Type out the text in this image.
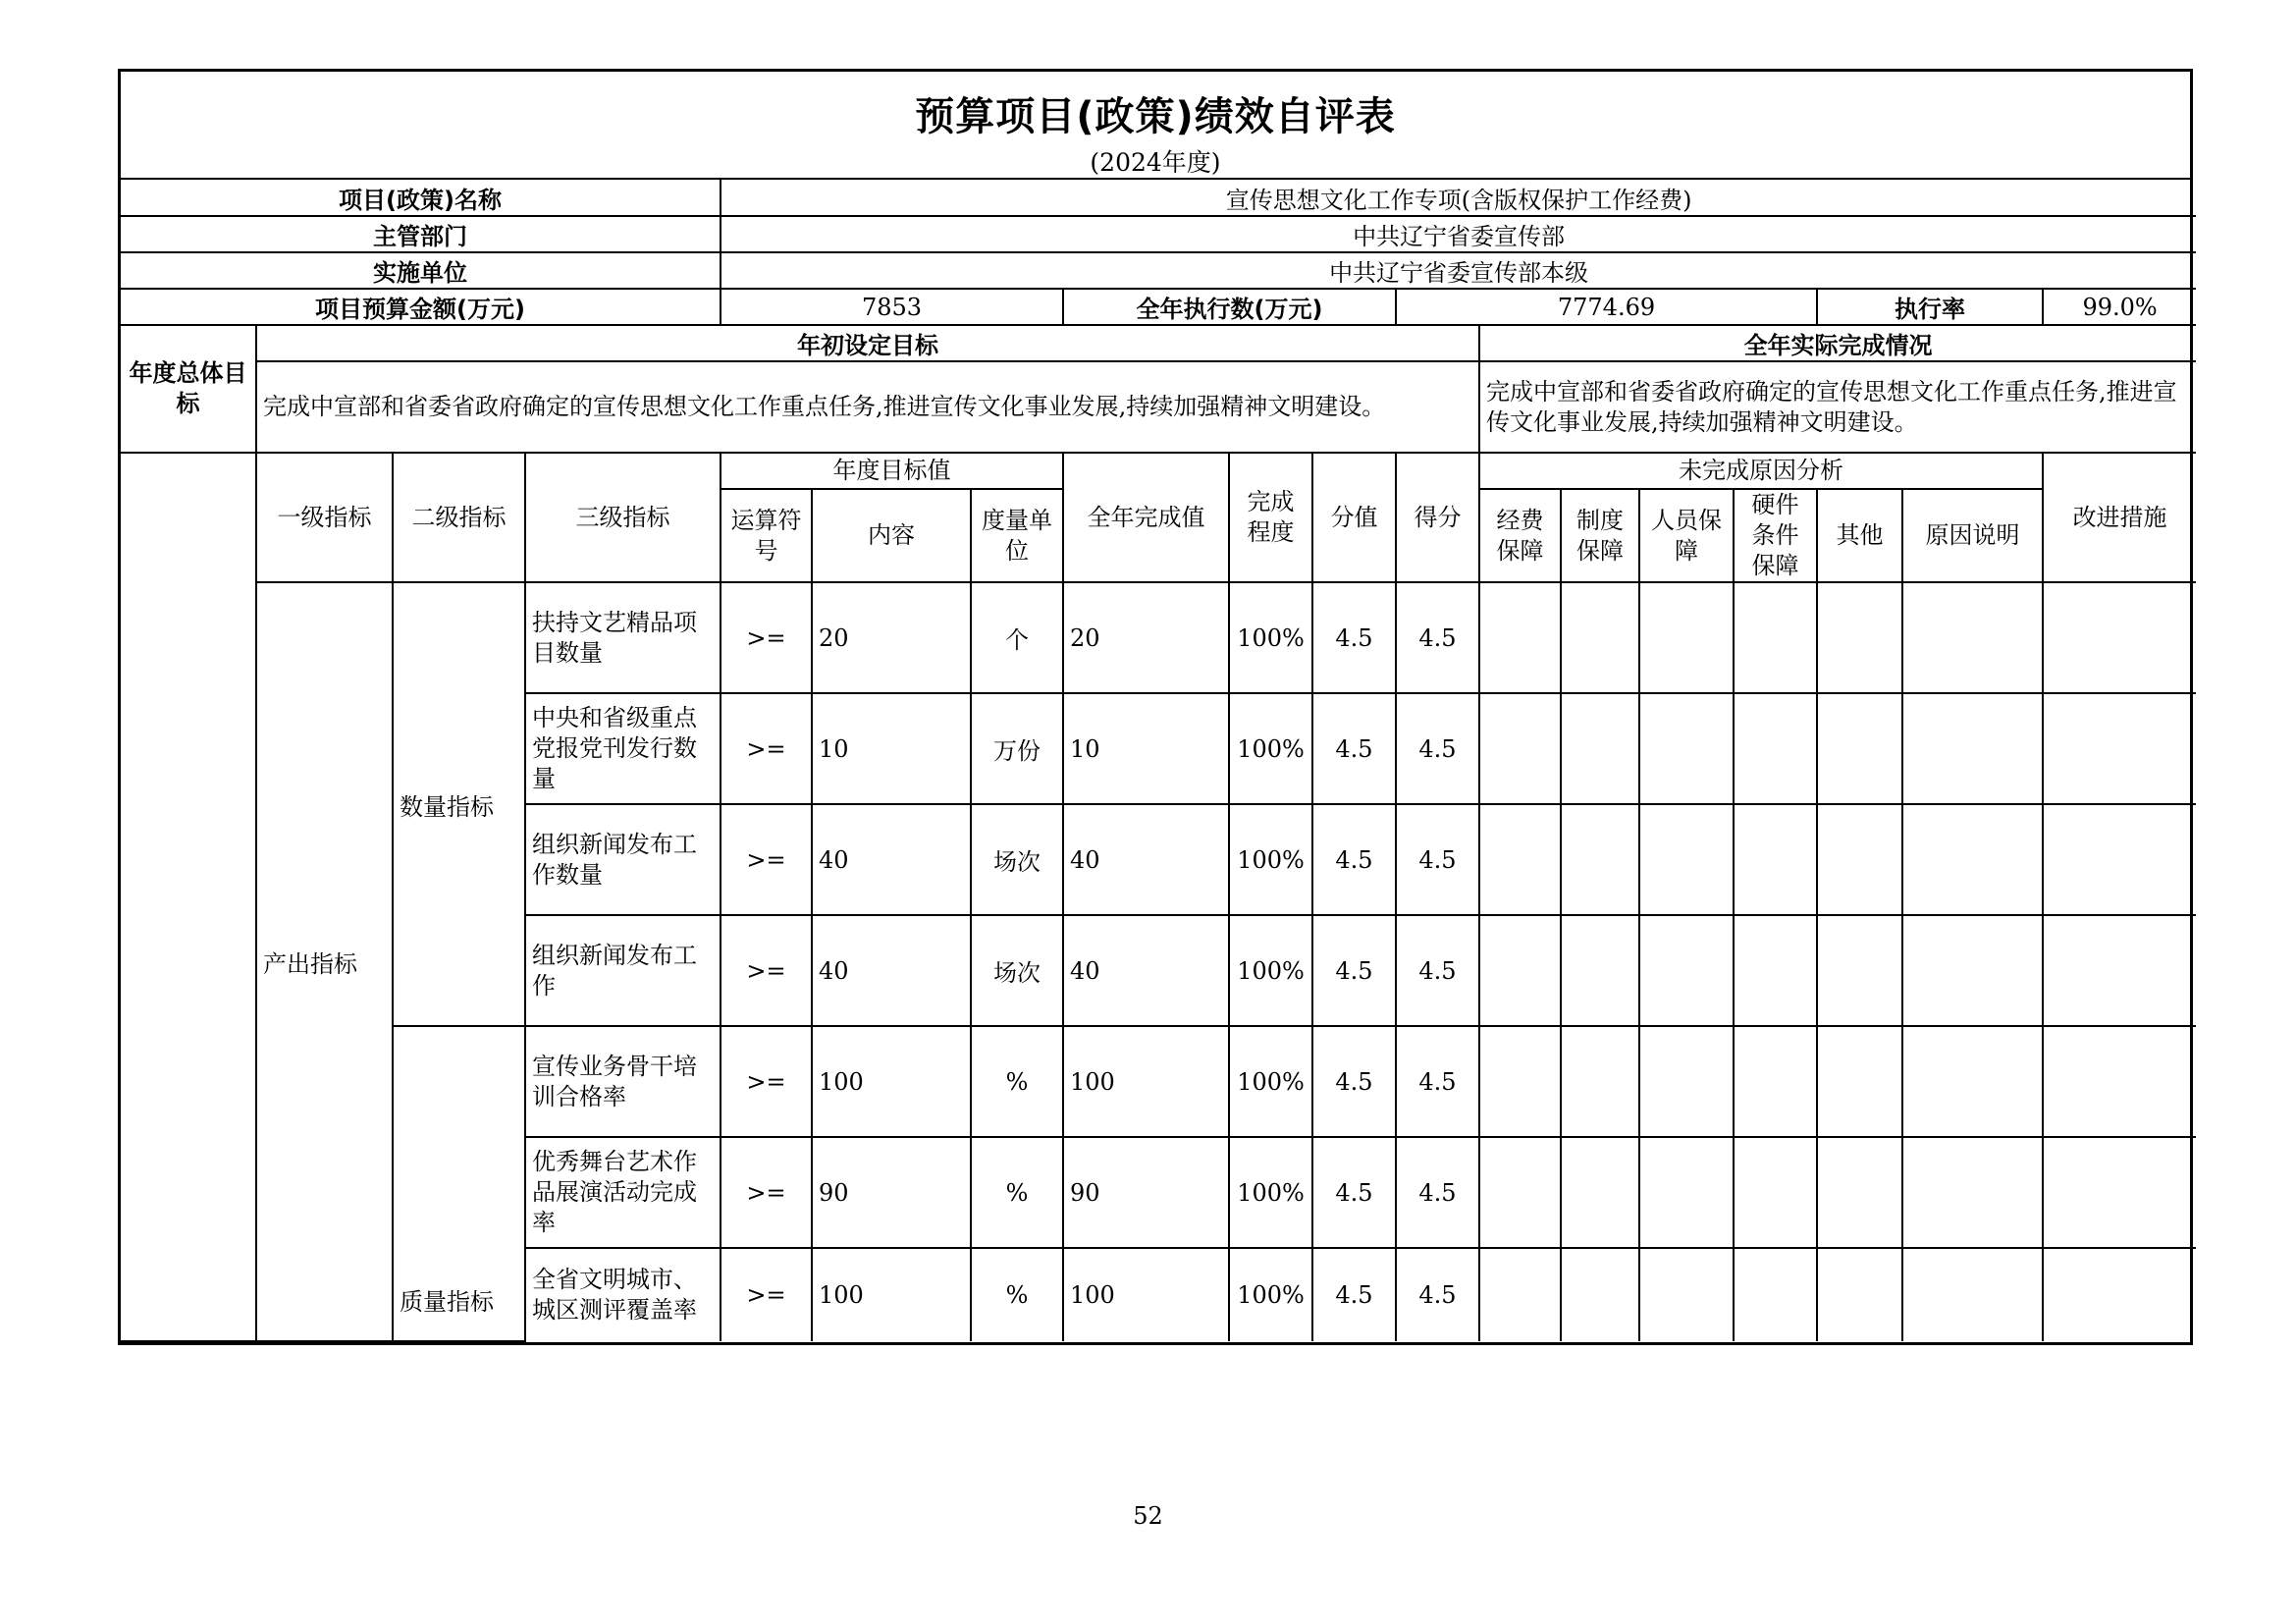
预算项目(政策)绩效自评表
(2024年度)
项目(政策)名称				宣传思想文化工作专项(含版权保护工作经费)													
主管部门				中共辽宁省委宣传部													
实施单位				中共辽宁省委宣传部本级													
项目预算金额(万元)				7853			全年执行数(万元)			7774.69					执行率		99.0%
年度总体目标	年初设定目标										全年实际完成情况						
	完成中宣部和省委省政府确定的宣传思想文化工作重点任务,推进宣传文化事业发展,持续加强精神文明建设。										完成中宣部和省委省政府确定的宣传思想文化工作重点任务,推进宣传文化事业发展,持续加强精神文明建设。						
	一级指标	二级指标	三级指标	年度目标值			全年完成值	完成程度	分值	得分	未完成原因分析						改进措施
				运算符号	内容	度量单位					经费保障	制度保障	人员保障	硬件条件保障	其他	原因说明	
	产出指标	数量指标	扶持文艺精品项目数量	>=	20	个	20	100%	4.5	4.5							
			中央和省级重点党报党刊发行数量	>=	10	万份	10	100%	4.5	4.5							
			组织新闻发布工作数量	>=	40	场次	40	100%	4.5	4.5							
			组织新闻发布工作	>=	40	场次	40	100%	4.5	4.5							
		质量指标	宣传业务骨干培训合格率	>=	100	%	100	100%	4.5	4.5							
			优秀舞台艺术作品展演活动完成率	>=	90	%	90	100%	4.5	4.5							
			全省文明城市、城区测评覆盖率	>=	100	%	100	100%	4.5	4.5							
52
